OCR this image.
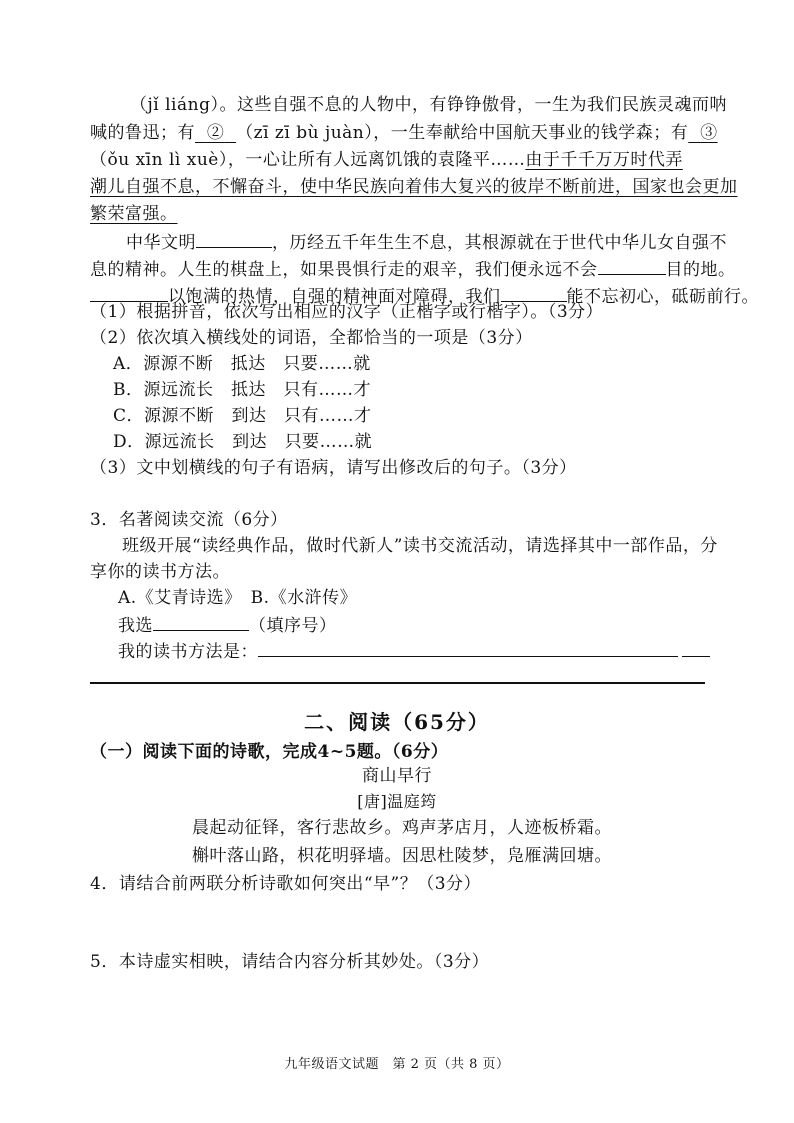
（jǐ liáng）。这些自强不息的人物中，有铮铮傲骨，一生为我们民族灵魂而呐
喊的鲁迅；有 ② （zī zī bù juàn），一生奉献给中国航天事业的钱学森；有 ③
（ǒu xīn lì xuè），一心让所有人远离饥饿的袁隆平……由于千千万万时代弄
潮儿自强不息，不懈奋斗，使中华民族向着伟大复兴的彼岸不断前进，国家也会更加
繁荣富强。
中华文明	，历经五千年生生不息，其根源就在于世代中华儿女自强不
息的精神。人生的棋盘上，如果畏惧行走的艰辛，我们便永远不会	目的地。
以饱满的热情，自强的精神面对障碍，我们	能不忘初心，砥砺前行。
（1）根据拼音，依次写出相应的汉字（正楷字或行楷字）。（3分）
（2）依次填入横线处的词语，全都恰当的一项是（3分）
A．源源不断　抵达　只要……就
B．源远流长　抵达　只有……才
C．源源不断　到达　只有……才
D．源远流长　到达　只要……就
（3）文中划横线的句子有语病，请写出修改后的句子。（3分）
3．名著阅读交流（6分）
班级开展“读经典作品，做时代新人”读书交流活动，请选择其中一部作品，分
享你的读书方法。
A.《艾青诗选》　B.《水浒传》
我选	（填序号）
我的读书方法是：
二、阅读（65分）
（一）阅读下面的诗歌，完成4~5题。（6分）
商山早行
[唐]温庭筠
晨起动征铎，客行悲故乡。鸡声茅店月，人迹板桥霜。
槲叶落山路，枳花明驿墙。因思杜陵梦，凫雁满回塘。
4．请结合前两联分析诗歌如何突出“早”？（3分）
5．本诗虚实相映，请结合内容分析其妙处。（3分）
九年级语文试题　第 2 页（共 8 页）
